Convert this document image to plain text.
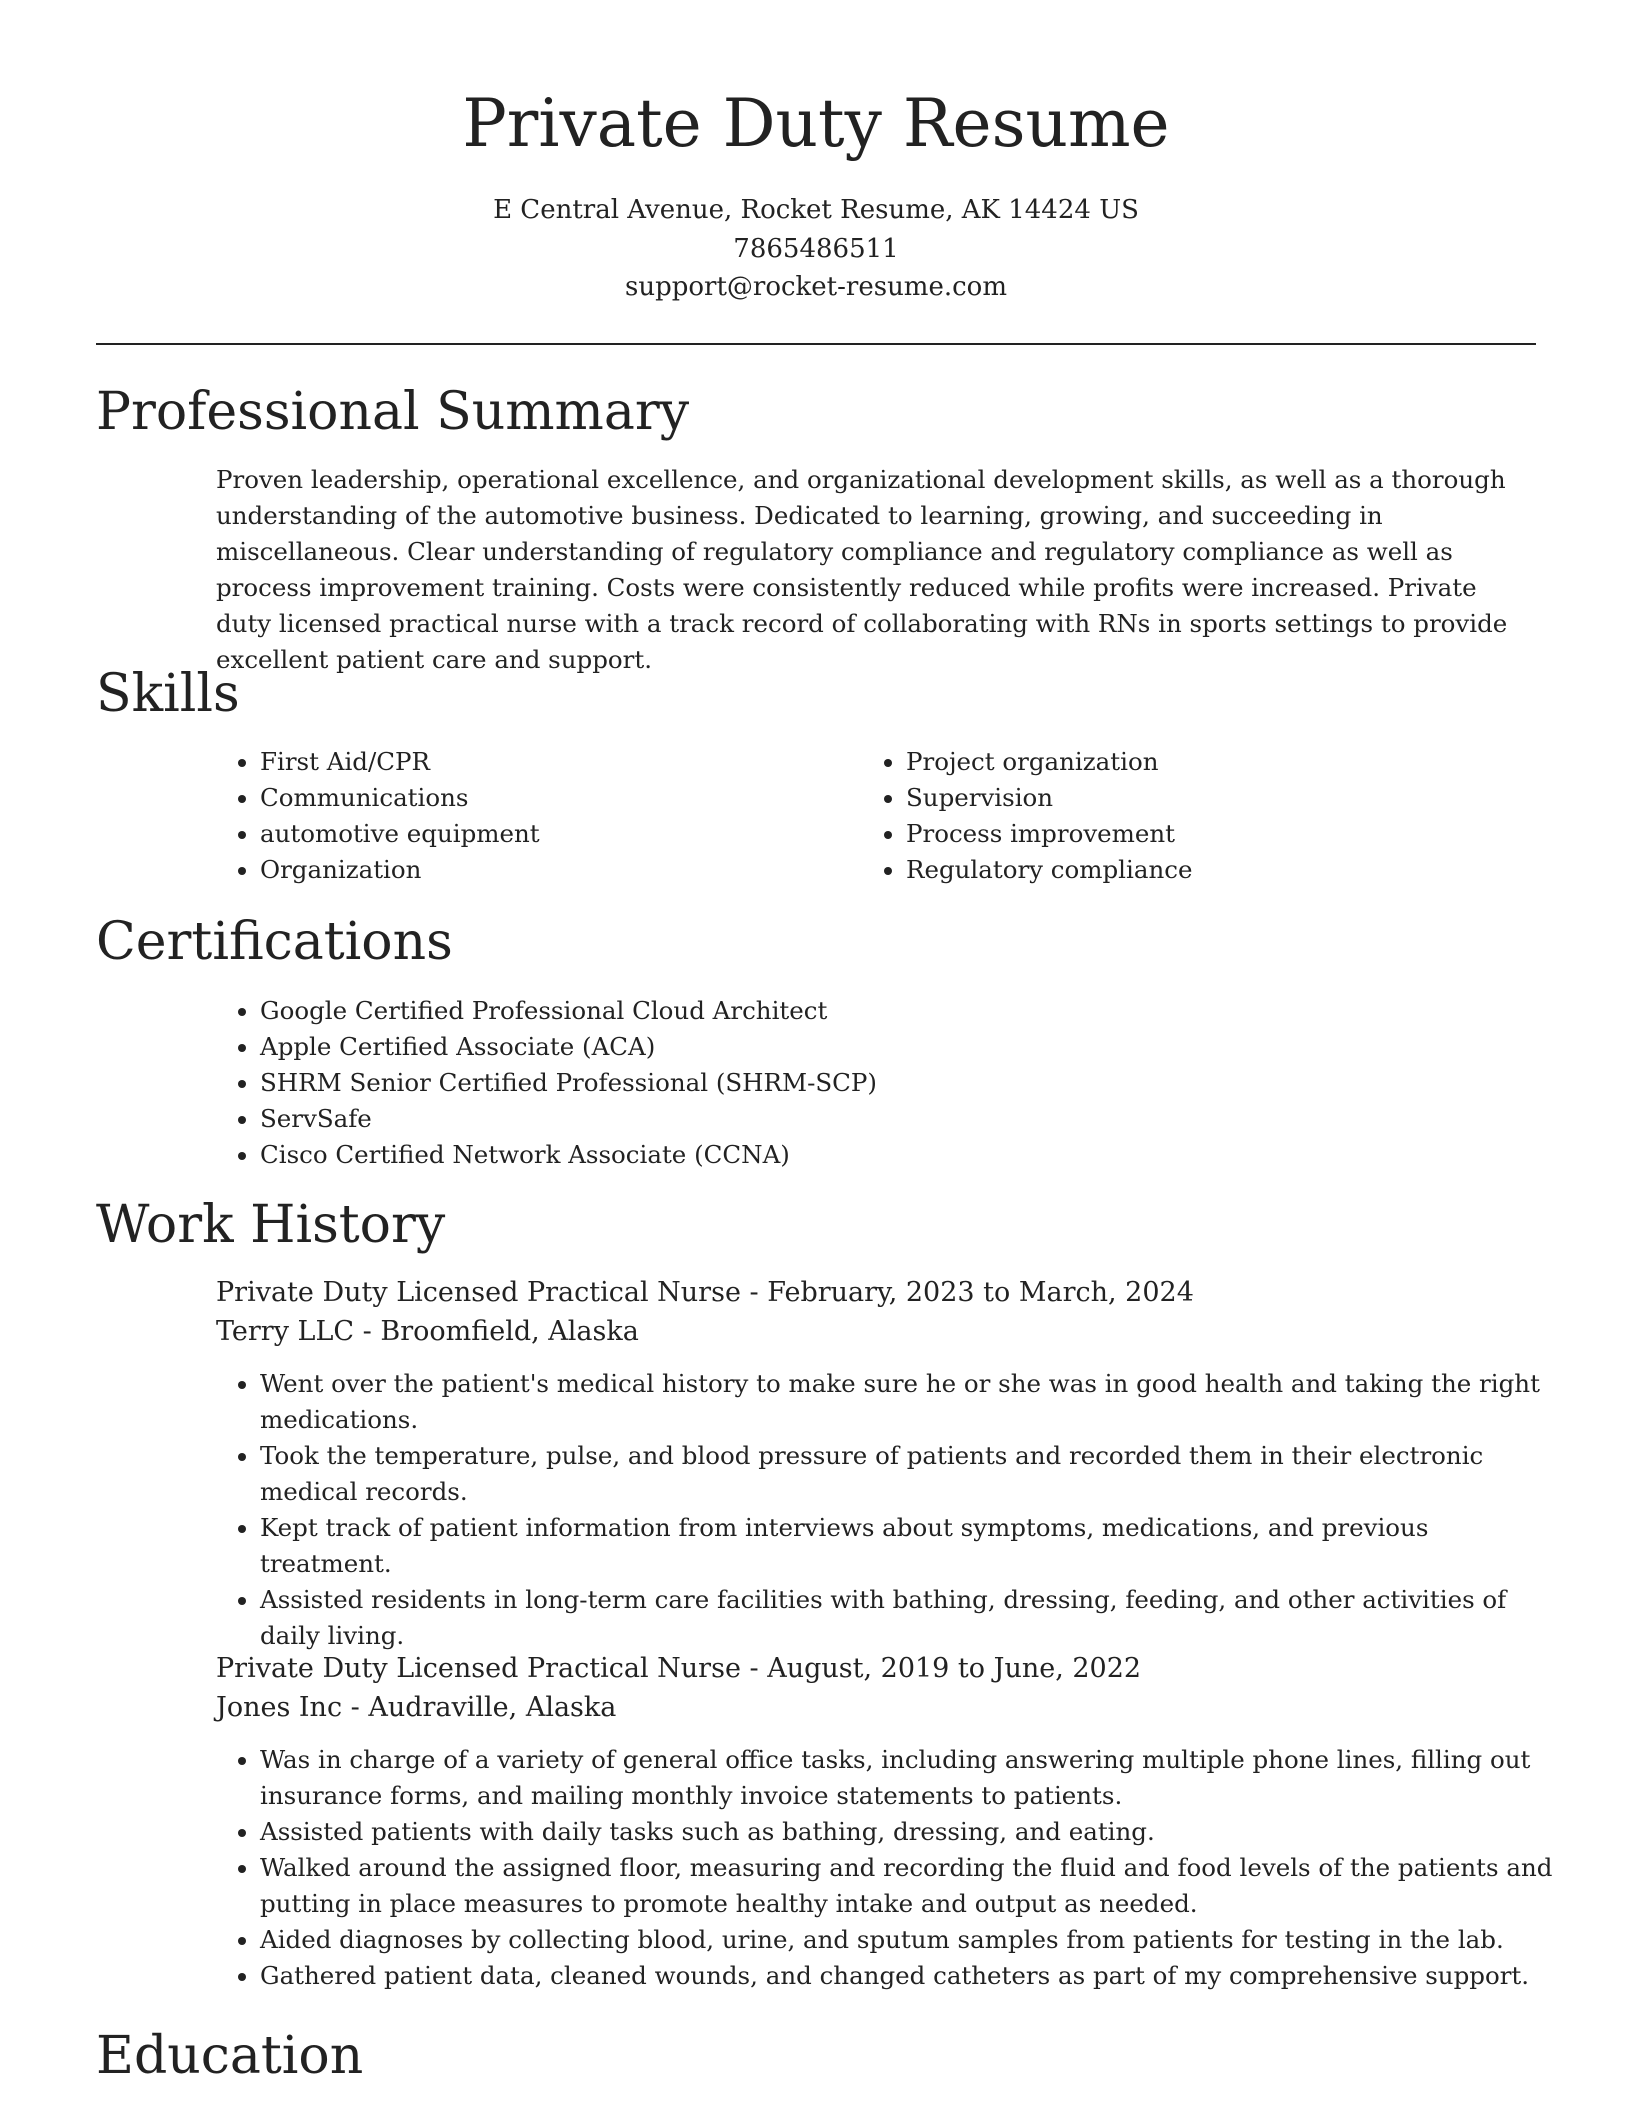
Private Duty Resume
E Central Avenue, Rocket Resume, AK 14424 US
7865486511
support@rocket-resume.com
Professional Summary

Proven leadership, operational excellence, and organizational development skills, as well as a thorough understanding of the automotive business. Dedicated to learning, growing, and succeeding in miscellaneous. Clear understanding of regulatory compliance and regulatory compliance as well as process improvement training. Costs were consistently reduced while profits were increased. Private duty licensed practical nurse with a track record of collaborating with RNs in sports settings to provide excellent patient care and support.

Skills
• First Aid/CPR
• Communications
• automotive equipment
• Organization
• Project organization
• Supervision
• Process improvement
• Regulatory compliance
Certifications
• Google Certified Professional Cloud Architect
• Apple Certified Associate (ACA)
• SHRM Senior Certified Professional (SHRM-SCP)
• ServSafe
• Cisco Certified Network Associate (CCNA)
Work History
Private Duty Licensed Practical Nurse - February, 2023 to March, 2024
Terry LLC - Broomfield, Alaska
• Went over the patient's medical history to make sure he or she was in good health and taking the right medications.
• Took the temperature, pulse, and blood pressure of patients and recorded them in their electronic medical records.
• Kept track of patient information from interviews about symptoms, medications, and previous treatment.
• Assisted residents in long-term care facilities with bathing, dressing, feeding, and other activities of daily living.
Private Duty Licensed Practical Nurse - August, 2019 to June, 2022
Jones Inc - Audraville, Alaska
• Was in charge of a variety of general office tasks, including answering multiple phone lines, filling out insurance forms, and mailing monthly invoice statements to patients.
• Assisted patients with daily tasks such as bathing, dressing, and eating.
• Walked around the assigned floor, measuring and recording the fluid and food levels of the patients and putting in place measures to promote healthy intake and output as needed.
• Aided diagnoses by collecting blood, urine, and sputum samples from patients for testing in the lab.
• Gathered patient data, cleaned wounds, and changed catheters as part of my comprehensive support.
Education
